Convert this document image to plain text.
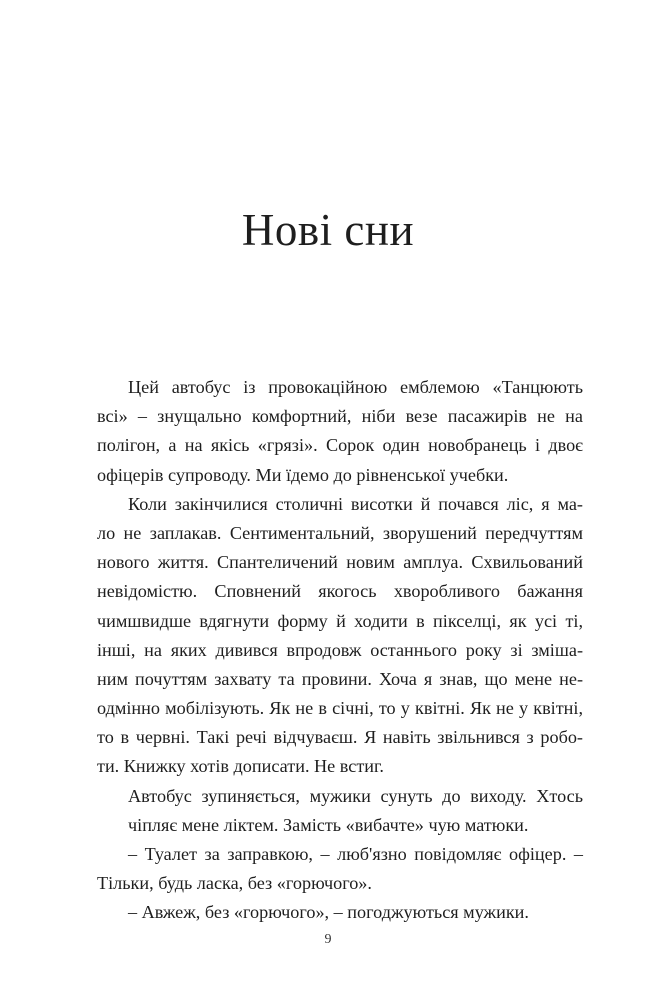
Нові сни
Цей автобус із провокаційною емблемою «Танцюють
всі» – знущально комфортний, ніби везе пасажирів не на
полігон, а на якісь «грязі». Сорок один новобранець і двоє
офіцерів супроводу. Ми їдемо до рівненської учебки.
Коли закінчилися столичні висотки й почався ліс, я ма-
ло не заплакав. Сентиментальний, зворушений передчуттям
нового життя. Спантеличений новим амплуа. Схвильований
невідомістю. Сповнений якогось хворобливого бажання
чимшвидше вдягнути форму й ходити в пікселці, як усі ті,
інші, на яких дивився впродовж останнього року зі зміша-
ним почуттям захвату та провини. Хоча я знав, що мене не-
одмінно мобілізують. Як не в січні, то у квітні. Як не у квітні,
то в червні. Такі речі відчуваєш. Я навіть звільнився з робо-
ти. Книжку хотів дописати. Не встиг.
Автобус зупиняється, мужики сунуть до виходу. Хтось
чіпляє мене ліктем. Замість «вибачте» чую матюки.
– Туалет за заправкою, – люб'язно повідомляє офіцер. –
Тільки, будь ласка, без «горючого».
– Авжеж, без «горючого», – погоджуються мужики.
9
